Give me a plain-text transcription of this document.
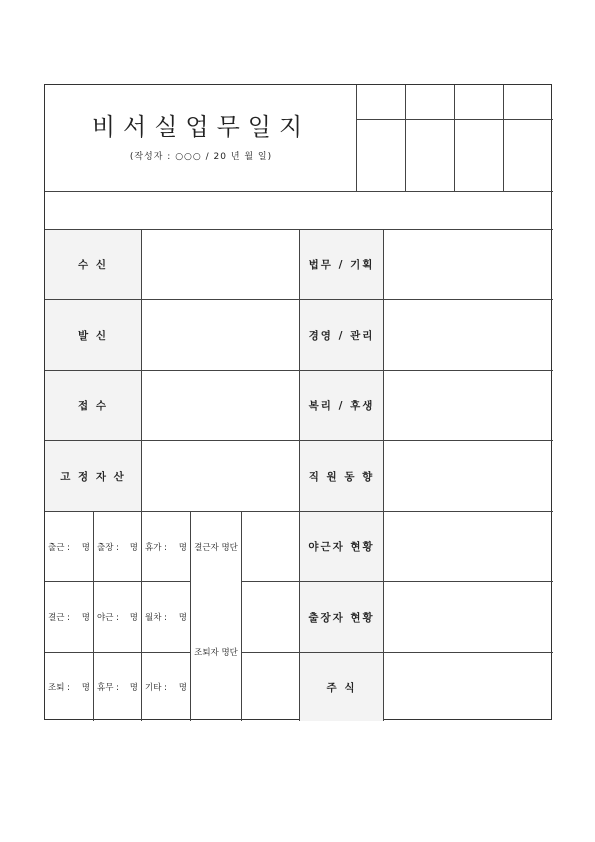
비서실업무일지
(작성자 : ○○○ / 20 년 월 일)
수 신
발 신
접 수
고 정 자 산
법무 / 기획
경영 / 관리
복리 / 후생
직 원 동 향
야근자 현황
출장자 현황
주 식
출근 : 명 출장 : 명 휴가 : 명 결근자 명단
결근 : 명 야근 : 명 월차 : 명
조퇴자 명단
조퇴 : 명 휴무 : 명 기타 : 명
